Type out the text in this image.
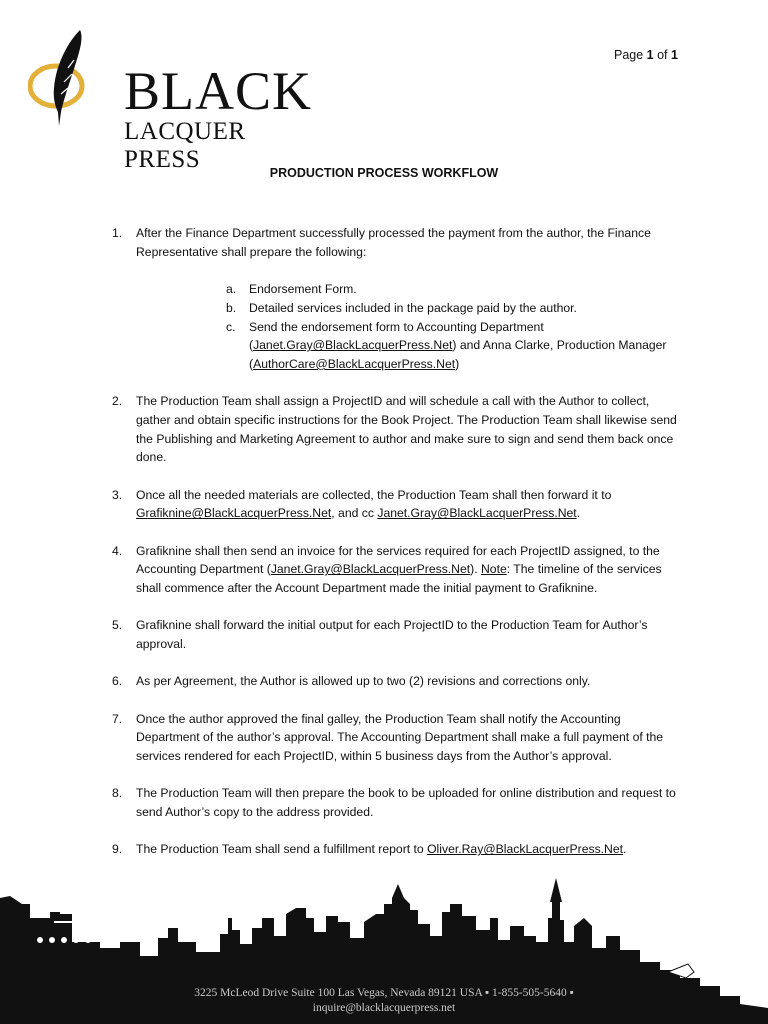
BLACK
LACQUER PRESS
Page 1 of 1
PRODUCTION PROCESS WORKFLOW
1. After the Finance Department successfully processed the payment from the author, the Finance Representative shall prepare the following:
a. Endorsement Form.
b. Detailed services included in the package paid by the author.
c. Send the endorsement form to Accounting Department (Janet.Gray@BlackLacquerPress.Net) and Anna Clarke, Production Manager (AuthorCare@BlackLacquerPress.Net)
2. The Production Team shall assign a ProjectID and will schedule a call with the Author to collect, gather and obtain specific instructions for the Book Project. The Production Team shall likewise send the Publishing and Marketing Agreement to author and make sure to sign and send them back once done.
3. Once all the needed materials are collected, the Production Team shall then forward it to Grafiknine@BlackLacquerPress.Net, and cc Janet.Gray@BlackLacquerPress.Net.
4. Grafiknine shall then send an invoice for the services required for each ProjectID assigned, to the Accounting Department (Janet.Gray@BlackLacquerPress.Net). Note: The timeline of the services shall commence after the Account Department made the initial payment to Grafiknine.
5. Grafiknine shall forward the initial output for each ProjectID to the Production Team for Author’s approval.
6. As per Agreement, the Author is allowed up to two (2) revisions and corrections only.
7. Once the author approved the final galley, the Production Team shall notify the Accounting Department of the author’s approval. The Accounting Department shall make a full payment of the services rendered for each ProjectID, within 5 business days from the Author’s approval.
8. The Production Team will then prepare the book to be uploaded for online distribution and request to send Author’s copy to the address provided.
9. The Production Team shall send a fulfillment report to Oliver.Ray@BlackLacquerPress.Net.
3225 McLeod Drive Suite 100 Las Vegas, Nevada 89121 USA ▪ 1-855-505-5640 ▪
inquire@blacklacquerpress.net
